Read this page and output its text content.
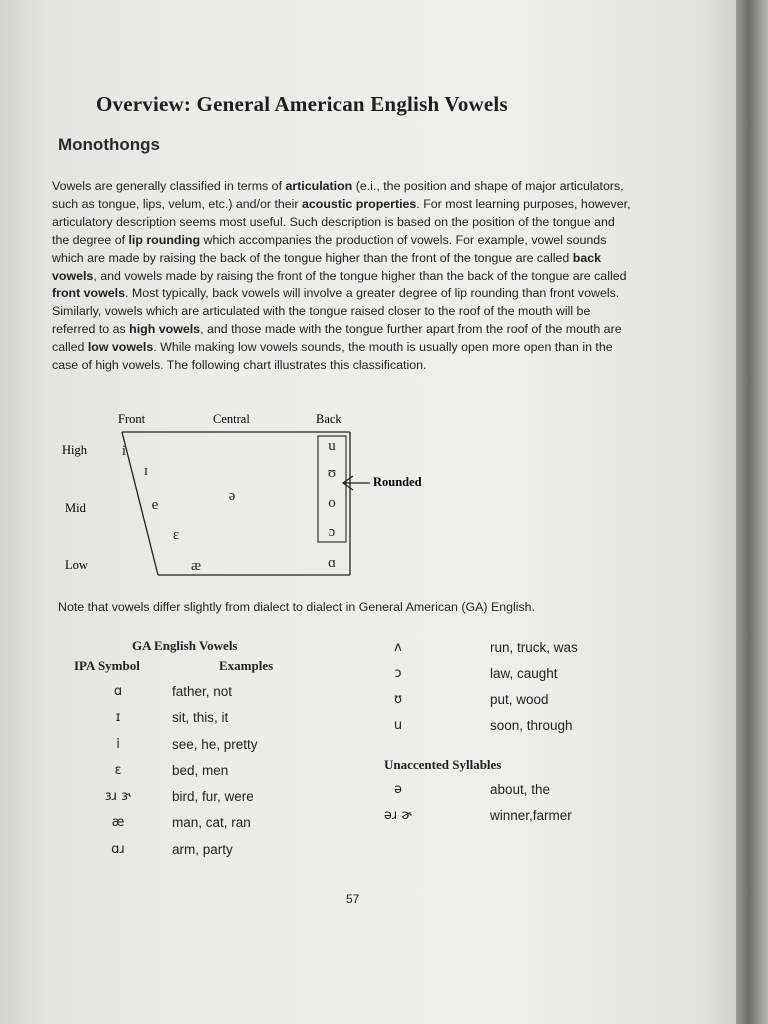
Overview: General American English Vowels
Monothongs

Vowels are generally classified in terms of articulation (e.i., the position and shape of major articulators, such as tongue, lips, velum, etc.) and/or their acoustic properties. For most learning purposes, however, articulatory description seems most useful. Such description is based on the position of the tongue and the degree of lip rounding which accompanies the production of vowels. For example, vowel sounds which are made by raising the back of the tongue higher than the front of the tongue are called back vowels, and vowels made by raising the front of the tongue higher than the back of the tongue are called front vowels. Most typically, back vowels will involve a greater degree of lip rounding than front vowels. Similarly, vowels which are articulated with the tongue raised closer to the roof of the mouth will be referred to as high vowels, and those made with the tongue further apart from the roof of the mouth are called low vowels. While making low vowels sounds, the mouth is usually open more open than in the case of high vowels. The following chart illustrates this classification.

Front	Central	Back
High
Mid
Low
Rounded
i
ɪ
e
ə
ɛ
æ
u
ʊ
o
ɔ
ɑ
Note that vowels differ slightly from dialect to dialect in General American (GA) English.
GA English Vowels
IPA Symbol	Examples
ɑ	father, not
ɪ	sit, this, it
i	see, he, pretty
ɛ	bed, men
ɜɹ ɝ	bird, fur, were
æ	man, cat, ran
ɑɹ	arm, party
ʌ	run, truck, was
ɔ	law, caught
ʊ	put, wood
u	soon, through
Unaccented Syllables
ə	about, the
əɹ ɚ	winner,farmer
57
